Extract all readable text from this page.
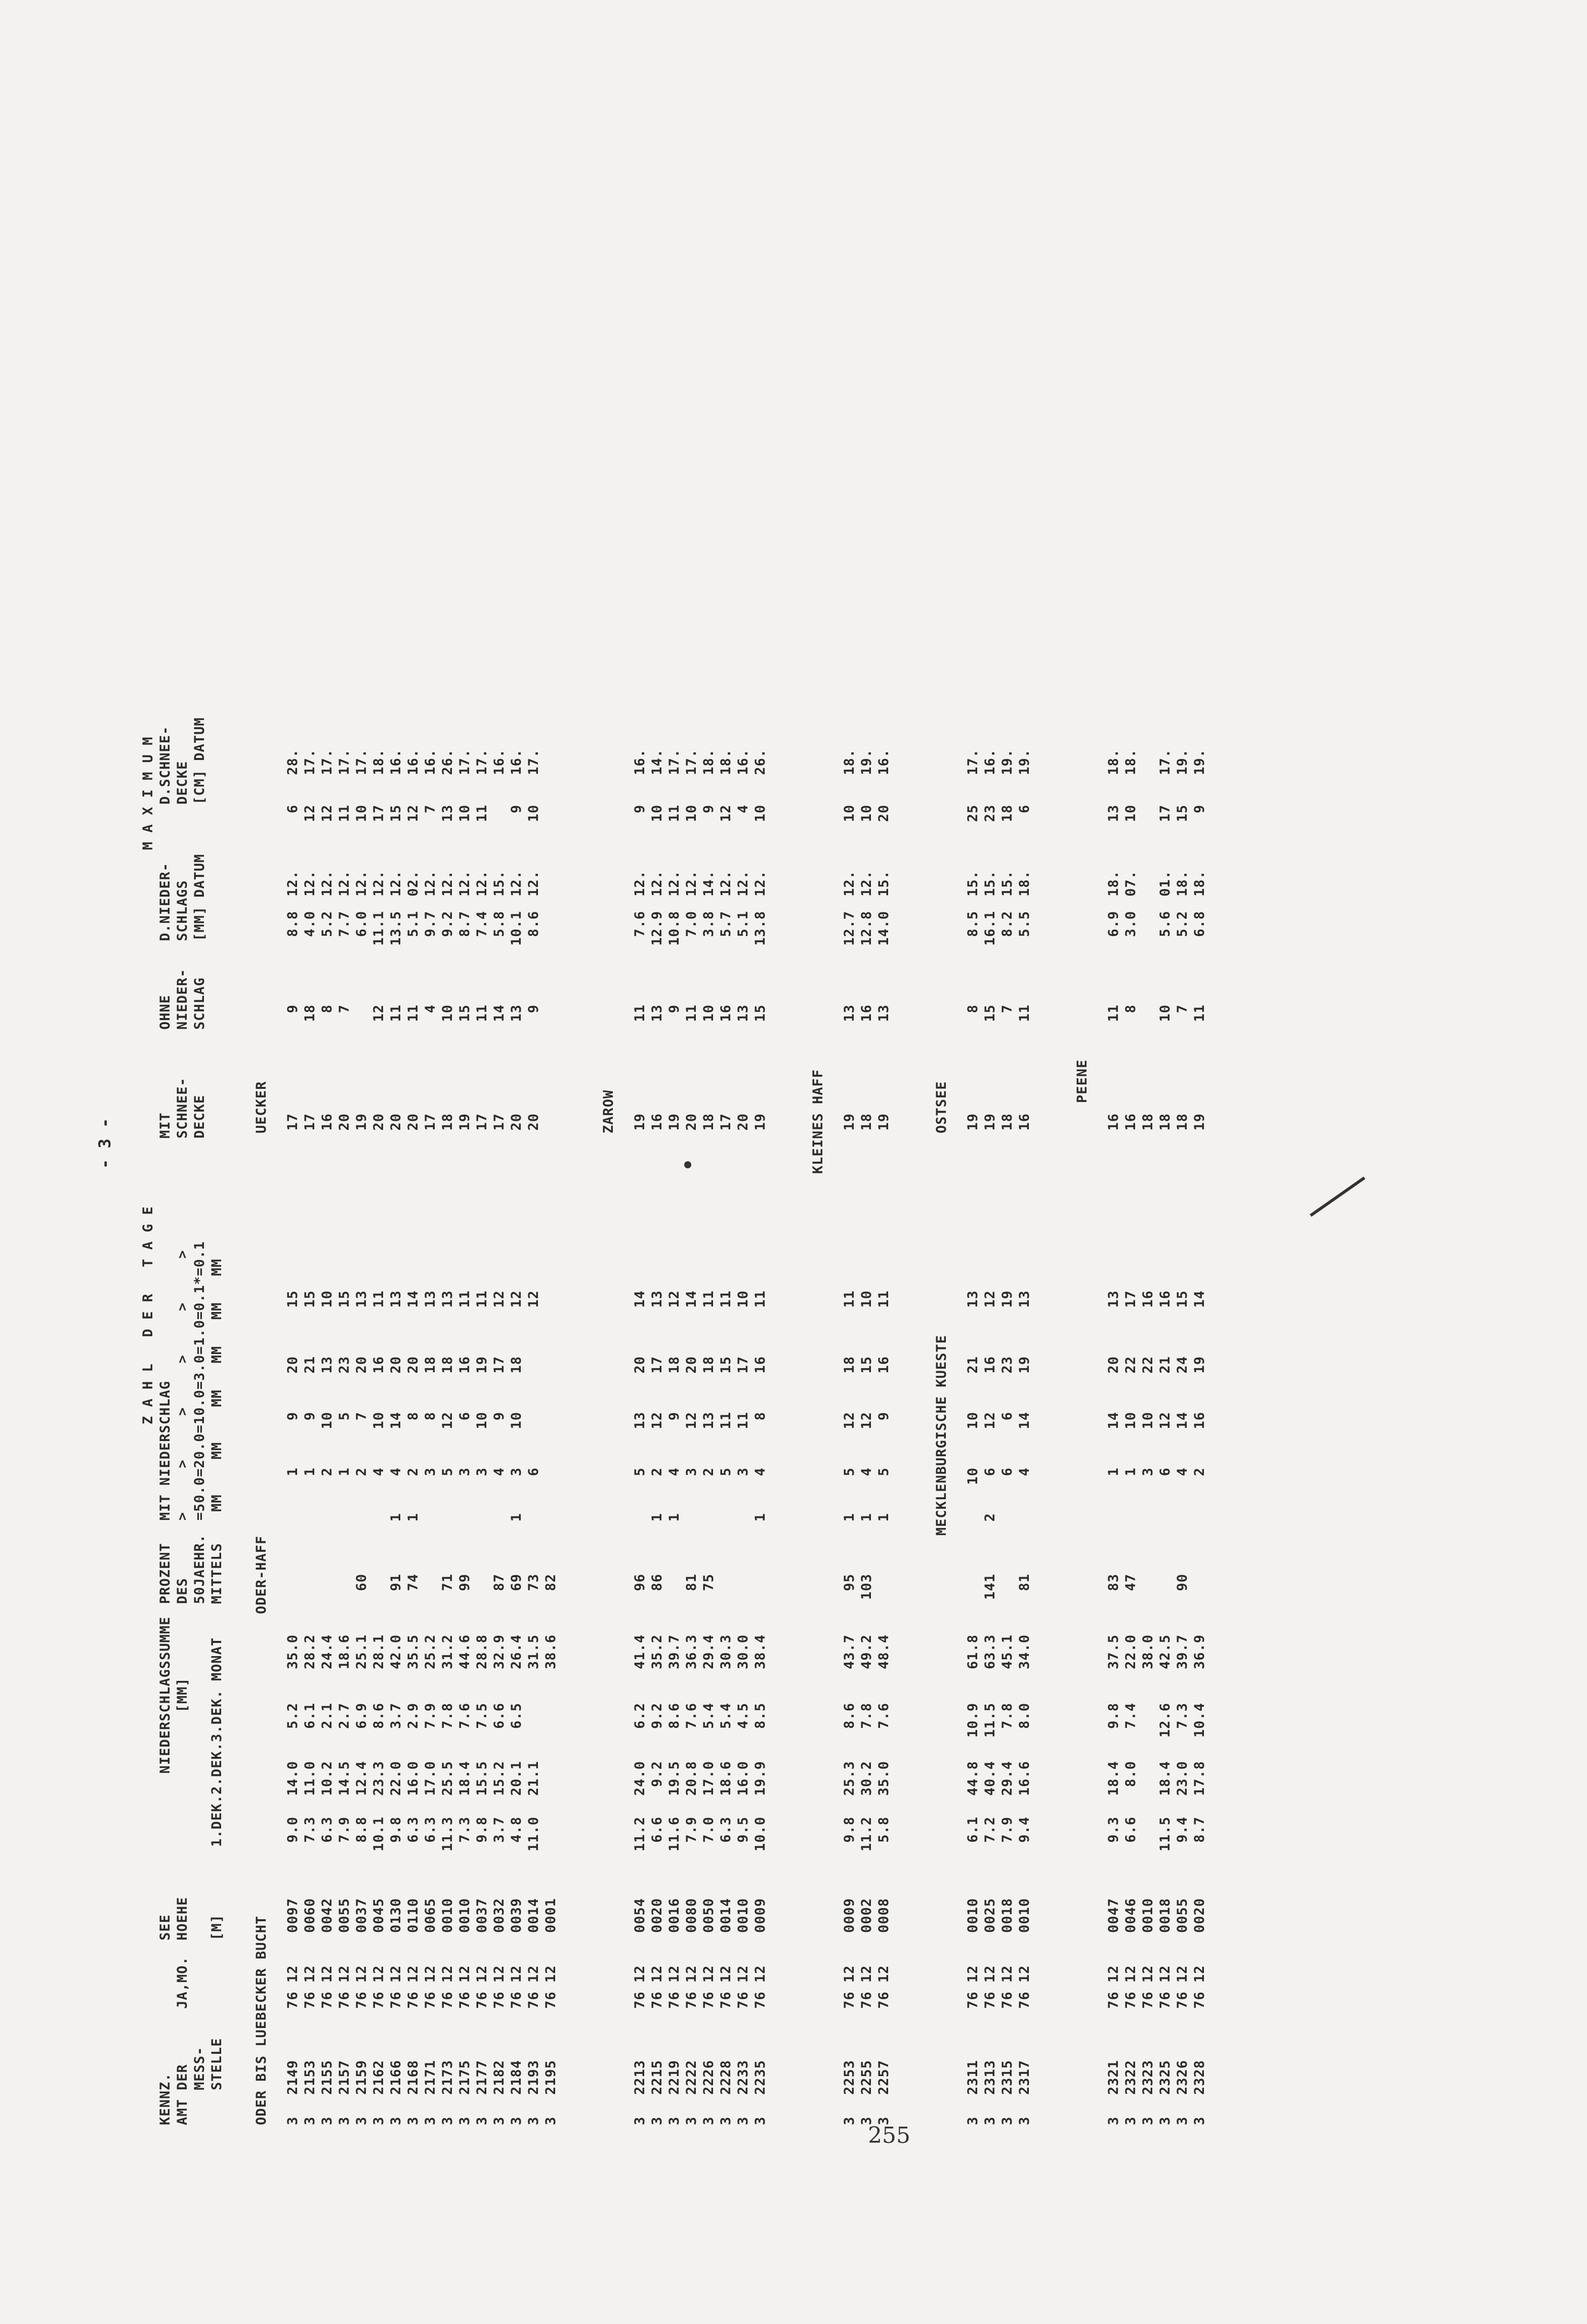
- 3 -
KENNZ.
AMT DER
MESS-
STELLE
JA,MO.
SEE
HOEHE

[M]
NIEDERSCHLAGSSUMME
[MM] 1.DEK.2.DEK.3.DEK. MONAT
PROZENT
DES
50JAEHR.
MITTELS
Z A H L   D E R   T A G E
MIT NIEDERSCHLAG >     >     >     >     >     >
=50.0=20.0=10.0=3.0=1.0=0.1*=0.1
MM    MM    MM   MM   MM   MM
MIT
SCHNEE-
DECKE
OHNE
NIEDER-
SCHLAG
M A X I M U M
D.NIEDER-
SCHLAGS
[MM] DATUM
D.SCHNEE-
DECKE
[CM] DATUM
ODER BIS LUEBECKER BUCHT
ODER-HAFF
UECKER
3
2149
76 12
0097
9.0
14.0
5.2
35.0
1
9
20
15
17
9
8.8
12.
6
28.
3
2153
76 12
0060
7.3
11.0
6.1
28.2
1
9
21
15
17
18
4.0
12.
12
17.
3
2155
76 12
0042
6.3
10.2
2.1
24.4
2
10
13
10
16
8
5.2
12.
12
17.
3
2157
76 12
0055
7.9
14.5
2.7
18.6
1
5
23
15
20
7
7.7
12.
11
17.
3
2159
76 12
0037
8.8
12.4
6.9
25.1
60
2
7
20
13
19
6.0
12.
10
17.
3
2162
76 12
0045
10.1
23.3
8.6
28.1
4
10
16
11
20
12
11.1
12.
17
18.
3
2166
76 12
0130
9.8
22.0
3.7
42.0
91
1
4
14
20
13
20
11
13.5
12.
15
16.
3
2168
76 12
0110
6.3
16.0
2.9
35.5
74
1
2
8
20
14
20
11
5.1
02.
12
16.
3
2171
76 12
0065
6.3
17.0
7.9
25.2
3
8
18
13
17
4
9.7
12.
7
16.
3
2173
76 12
0010
11.3
25.5
7.8
31.2
71
5
12
18
13
18
10
9.2
12.
13
26.
3
2175
76 12
0010
7.3
18.4
7.6
44.6
99
3
6
16
11
19
15
8.7
12.
10
17.
3
2177
76 12
0037
9.8
15.5
7.5
28.8
3
10
19
11
17
11
7.4
12.
11
17.
3
2182
76 12
0032
3.7
15.2
6.6
32.9
87
4
9
17
12
17
14
5.8
15.
16.
3
2184
76 12
0039
4.8
20.1
6.5
26.4
69
1
3
10
18
12
20
13
10.1
12.
9
16.
3
2193
76 12
0014
11.0
21.1
31.5
73
6
12
20
9
8.6
12.
10
17.
3
2195
76 12
0001
38.6
82
ZAROW
3
2213
76 12
0054
11.2
24.0
6.2
41.4
96
5
13
20
14
19
11
7.6
12.
9
16.
3
2215
76 12
0020
6.6
9.2
9.2
35.2
86
1
2
12
17
13
16
13
12.9
12.
10
14.
3
2219
76 12
0016
11.6
19.5
8.6
39.7
1
4
9
18
12
19
9
10.8
12.
11
17.
3
2222
76 12
0080
7.9
20.8
7.6
36.3
81
3
12
20
14
20
11
7.0
12.
10
17.
3
2226
76 12
0050
7.0
17.0
5.4
29.4
75
2
13
18
11
18
10
3.8
14.
9
18.
3
2228
76 12
0014
6.3
18.6
5.4
30.3
5
11
15
11
17
16
5.7
12.
12
18.
3
2233
76 12
0010
9.5
16.0
4.5
30.0
3
11
17
10
20
13
5.1
12.
4
16.
3
2235
76 12
0009
10.0
19.9
8.5
38.4
1
4
8
16
11
19
15
13.8
12.
10
26.
KLEINES HAFF
3
2253
76 12
0009
9.8
25.3
8.6
43.7
95
1
5
12
18
11
19
13
12.7
12.
10
18.
3
2255
76 12
0002
11.2
30.2
7.8
49.2
103
1
4
12
15
10
18
16
12.8
12.
10
19.
3
2257
76 12
0008
5.8
35.0
7.6
48.4
1
5
9
16
11
19
13
14.0
15.
20
16.
MECKLENBURGISCHE KUESTE
OSTSEE
3
2311
76 12
0010
6.1
44.8
10.9
61.8
10
10
21
13
19
8
8.5
15.
25
17.
3
2313
76 12
0025
7.2
40.4
11.5
63.3
141
2
6
12
16
12
19
15
16.1
15.
23
16.
3
2315
76 12
0018
7.9
29.4
7.8
45.1
6
6
23
19
18
7
8.2
15.
18
19.
3
2317
76 12
0010
9.4
16.6
8.0
34.0
81
4
14
19
13
16
11
5.5
18.
6
19.
PEENE
3
2321
76 12
0047
9.3
18.4
9.8
37.5
83
1
14
20
13
16
11
6.9
18.
13
18.
3
2322
76 12
0046
6.6
8.0
7.4
22.0
47
1
10
22
17
16
8
3.0
07.
10
18.
3
2323
76 12
0010
38.0
3
10
22
16
18
3
2325
76 12
0018
11.5
18.4
12.6
42.5
6
12
21
16
18
10
5.6
01.
17
17.
3
2326
76 12
0055
9.4
23.0
7.3
39.7
90
4
14
24
15
18
7
5.2
18.
15
19.
3
2328
76 12
0020
8.7
17.8
10.4
36.9
2
16
19
14
19
11
6.8
18.
9
19.
255
